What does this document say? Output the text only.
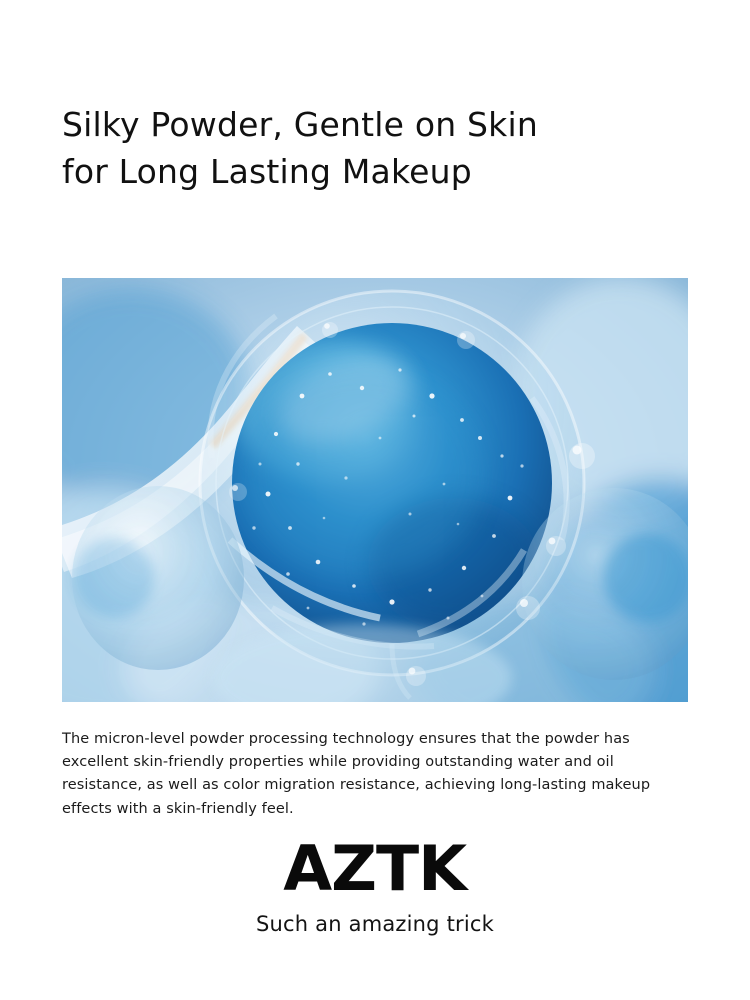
Silky Powder, Gentle on Skin
for Long Lasting Makeup

The micron-level powder processing technology ensures that the powder has excellent skin-friendly properties while providing outstanding water and oil resistance, as well as color migration resistance, achieving long-lasting makeup effects with a skin-friendly feel.

AZTK
Such an amazing trick
